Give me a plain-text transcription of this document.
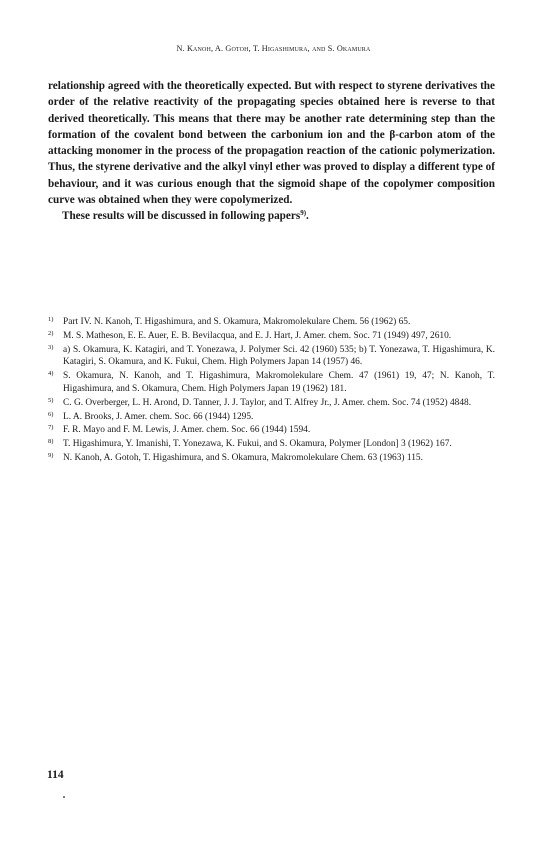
N. Kanoh, A. Gotoh, T. Higashimura, and S. Okamura

relationship agreed with the theoretically expected. But with respect to styrene derivatives the order of the relative reactivity of the propagating species obtained here is reverse to that derived theoretically. This means that there may be another rate determining step than the formation of the covalent bond between the carbonium ion and the β-carbon atom of the attacking monomer in the process of the propagation reaction of the cationic polymerization. Thus, the styrene derivative and the alkyl vinyl ether was proved to display a different type of behaviour, and it was curious enough that the sigmoid shape of the copolymer composition curve was obtained when they were copolymerized.

These results will be discussed in following papers$^{9)}$.

1) Part IV. N. Kanoh, T. Higashimura, and S. Okamura, Makromolekulare Chem. 56 (1962) 65.
2) M. S. Matheson, E. E. Auer, E. B. Bevilacqua, and E. J. Hart, J. Amer. chem. Soc. 71 (1949) 497, 2610.
3) a) S. Okamura, K. Katagiri, and T. Yonezawa, J. Polymer Sci. 42 (1960) 535; b) T. Yonezawa, T. Higashimura, K. Katagiri, S. Okamura, and K. Fukui, Chem. High Polymers Japan 14 (1957) 46.
4) S. Okamura, N. Kanoh, and T. Higashimura, Makromolekulare Chem. 47 (1961) 19, 47; N. Kanoh, T. Higashimura, and S. Okamura, Chem. High Polymers Japan 19 (1962) 181.
5) C. G. Overberger, L. H. Arond, D. Tanner, J. J. Taylor, and T. Alfrey Jr., J. Amer. chem. Soc. 74 (1952) 4848.
6) L. A. Brooks, J. Amer. chem. Soc. 66 (1944) 1295.
7) F. R. Mayo and F. M. Lewis, J. Amer. chem. Soc. 66 (1944) 1594.
8) T. Higashimura, Y. Imanishi, T. Yonezawa, K. Fukui, and S. Okamura, Polymer [London] 3 (1962) 167.
9) N. Kanoh, A. Gotoh, T. Higashimura, and S. Okamura, Makromolekulare Chem. 63 (1963) 115.
114
